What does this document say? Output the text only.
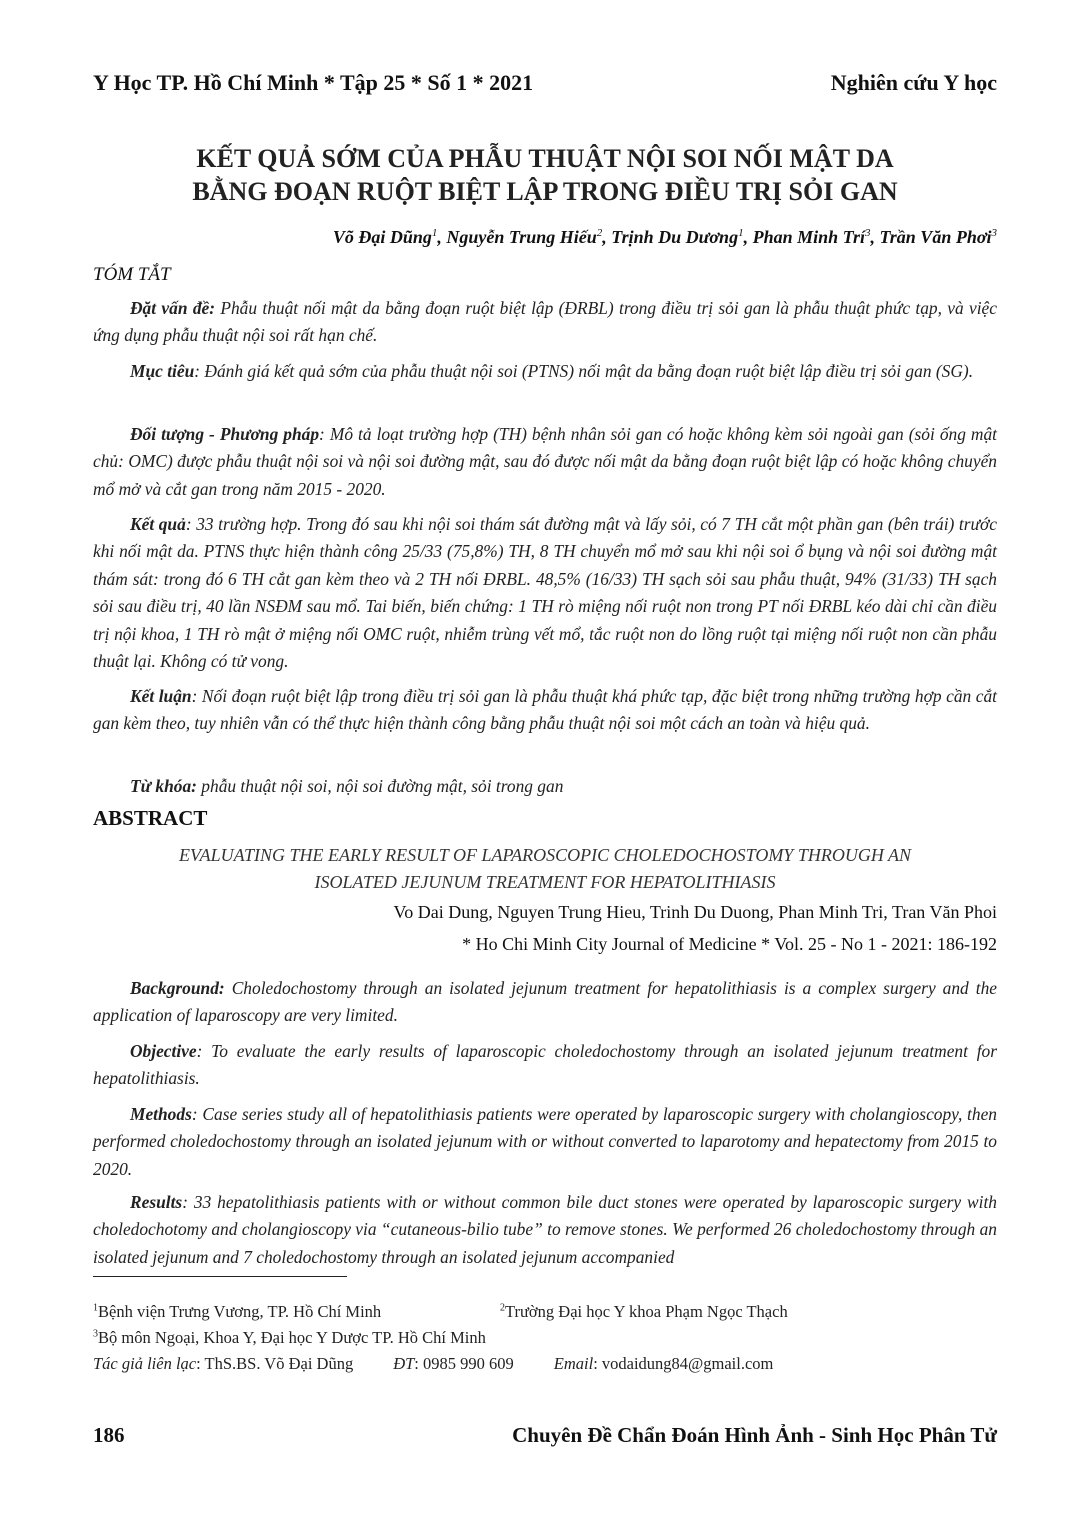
Y Học TP. Hồ Chí Minh * Tập 25 * Số 1 * 2021	Nghiên cứu Y học
KẾT QUẢ SỚM CỦA PHẪU THUẬT NỘI SOI NỐI MẬT DA
BẰNG ĐOẠN RUỘT BIỆT LẬP TRONG ĐIỀU TRỊ SỎI GAN
Võ Đại Dũng$^1$, Nguyễn Trung Hiếu$^2$, Trịnh Du Dương$^1$, Phan Minh Trí$^3$, Trần Văn Phơi$^3$
TÓM TẮT

Đặt vấn đề: Phẫu thuật nối mật da bằng đoạn ruột biệt lập (ĐRBL) trong điều trị sỏi gan là phẫu thuật phức tạp, và việc ứng dụng phẫu thuật nội soi rất hạn chế.

Mục tiêu: Đánh giá kết quả sớm của phẫu thuật nội soi (PTNS) nối mật da bằng đoạn ruột biệt lập điều trị sỏi gan (SG).

Đối tượng - Phương pháp: Mô tả loạt trường hợp (TH) bệnh nhân sỏi gan có hoặc không kèm sỏi ngoài gan (sỏi ống mật chủ: OMC) được phẫu thuật nội soi và nội soi đường mật, sau đó được nối mật da bằng đoạn ruột biệt lập có hoặc không chuyển mổ mở và cắt gan trong năm 2015 - 2020.

Kết quả: 33 trường hợp. Trong đó sau khi nội soi thám sát đường mật và lấy sỏi, có 7 TH cắt một phần gan (bên trái) trước khi nối mật da. PTNS thực hiện thành công 25/33 (75,8%) TH, 8 TH chuyển mổ mở sau khi nội soi ổ bụng và nội soi đường mật thám sát: trong đó 6 TH cắt gan kèm theo và 2 TH nối ĐRBL. 48,5% (16/33) TH sạch sỏi sau phẫu thuật, 94% (31/33) TH sạch sỏi sau điều trị, 40 lần NSĐM sau mổ. Tai biến, biến chứng: 1 TH rò miệng nối ruột non trong PT nối ĐRBL kéo dài chỉ cần điều trị nội khoa, 1 TH rò mật ở miệng nối OMC ruột, nhiễm trùng vết mổ, tắc ruột non do lồng ruột tại miệng nối ruột non cần phẫu thuật lại. Không có tử vong.

Kết luận: Nối đoạn ruột biệt lập trong điều trị sỏi gan là phẫu thuật khá phức tạp, đặc biệt trong những trường hợp cần cắt gan kèm theo, tuy nhiên vẫn có thể thực hiện thành công bằng phẫu thuật nội soi một cách an toàn và hiệu quả.

Từ khóa: phẫu thuật nội soi, nội soi đường mật, sỏi trong gan

ABSTRACT
EVALUATING THE EARLY RESULT OF LAPAROSCOPIC CHOLEDOCHOSTOMY THROUGH AN
ISOLATED JEJUNUM TREATMENT FOR HEPATOLITHIASIS
Vo Dai Dung, Nguyen Trung Hieu, Trinh Du Duong, Phan Minh Tri, Tran Văn Phoi
* Ho Chi Minh City Journal of Medicine * Vol. 25 - No 1 - 2021: 186-192

Background: Choledochostomy through an isolated jejunum treatment for hepatolithiasis is a complex surgery and the application of laparoscopy are very limited.

Objective: To evaluate the early results of laparoscopic choledochostomy through an isolated jejunum treatment for hepatolithiasis.

Methods: Case series study all of hepatolithiasis patients were operated by laparoscopic surgery with cholangioscopy, then performed choledochostomy through an isolated jejunum with or without converted to laparotomy and hepatectomy from 2015 to 2020.

Results: 33 hepatolithiasis patients with or without common bile duct stones were operated by laparoscopic surgery with choledochotomy and cholangioscopy via “cutaneous-bilio tube” to remove stones. We performed 26 choledochostomy through an isolated jejunum and 7 choledochostomy through an isolated jejunum accompanied

$^1$Bệnh viện Trưng Vương, TP. Hồ Chí Minh	$^2$Trường Đại học Y khoa Phạm Ngọc Thạch
$^3$Bộ môn Ngoại, Khoa Y, Đại học Y Dược TP. Hồ Chí Minh
Tác giả liên lạc: ThS.BS. Võ Đại Dũng ĐT: 0985 990 609 Email: vodaidung84@gmail.com
186	Chuyên Đề Chẩn Đoán Hình Ảnh - Sinh Học Phân Tử
